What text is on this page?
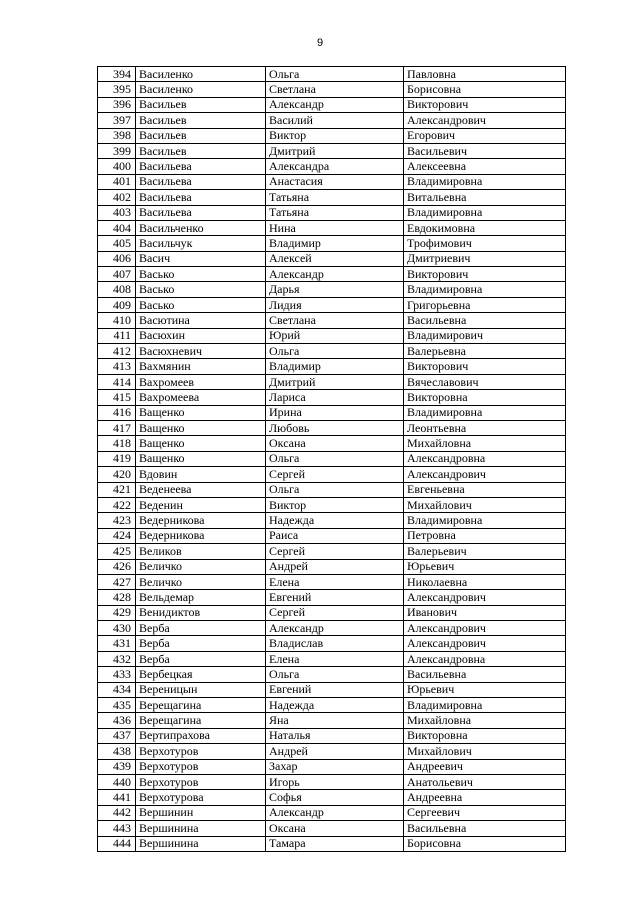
9
394	Василенко	Ольга	Павловна
395	Василенко	Светлана	Борисовна
396	Васильев	Александр	Викторович
397	Васильев	Василий	Александрович
398	Васильев	Виктор	Егорович
399	Васильев	Дмитрий	Васильевич
400	Васильева	Александра	Алексеевна
401	Васильева	Анастасия	Владимировна
402	Васильева	Татьяна	Витальевна
403	Васильева	Татьяна	Владимировна
404	Васильченко	Нина	Евдокимовна
405	Васильчук	Владимир	Трофимович
406	Васич	Алексей	Дмитриевич
407	Васько	Александр	Викторович
408	Васько	Дарья	Владимировна
409	Васько	Лидия	Григорьевна
410	Васютина	Светлана	Васильевна
411	Васюхин	Юрий	Владимирович
412	Васюхневич	Ольга	Валерьевна
413	Вахмянин	Владимир	Викторович
414	Вахромеев	Дмитрий	Вячеславович
415	Вахромеева	Лариса	Викторовна
416	Ващенко	Ирина	Владимировна
417	Ващенко	Любовь	Леонтьевна
418	Ващенко	Оксана	Михайловна
419	Ващенко	Ольга	Александровна
420	Вдовин	Сергей	Александрович
421	Веденеева	Ольга	Евгеньевна
422	Веденин	Виктор	Михайлович
423	Ведерникова	Надежда	Владимировна
424	Ведерникова	Раиса	Петровна
425	Великов	Сергей	Валерьевич
426	Величко	Андрей	Юрьевич
427	Величко	Елена	Николаевна
428	Вельдемар	Евгений	Александрович
429	Венидиктов	Сергей	Иванович
430	Верба	Александр	Александрович
431	Верба	Владислав	Александрович
432	Верба	Елена	Александровна
433	Вербецкая	Ольга	Васильевна
434	Вереницын	Евгений	Юрьевич
435	Верещагина	Надежда	Владимировна
436	Верещагина	Яна	Михайловна
437	Вертипрахова	Наталья	Викторовна
438	Верхотуров	Андрей	Михайлович
439	Верхотуров	Захар	Андреевич
440	Верхотуров	Игорь	Анатольевич
441	Верхотурова	Софья	Андреевна
442	Вершинин	Александр	Сергеевич
443	Вершинина	Оксана	Васильевна
444	Вершинина	Тамара	Борисовна
